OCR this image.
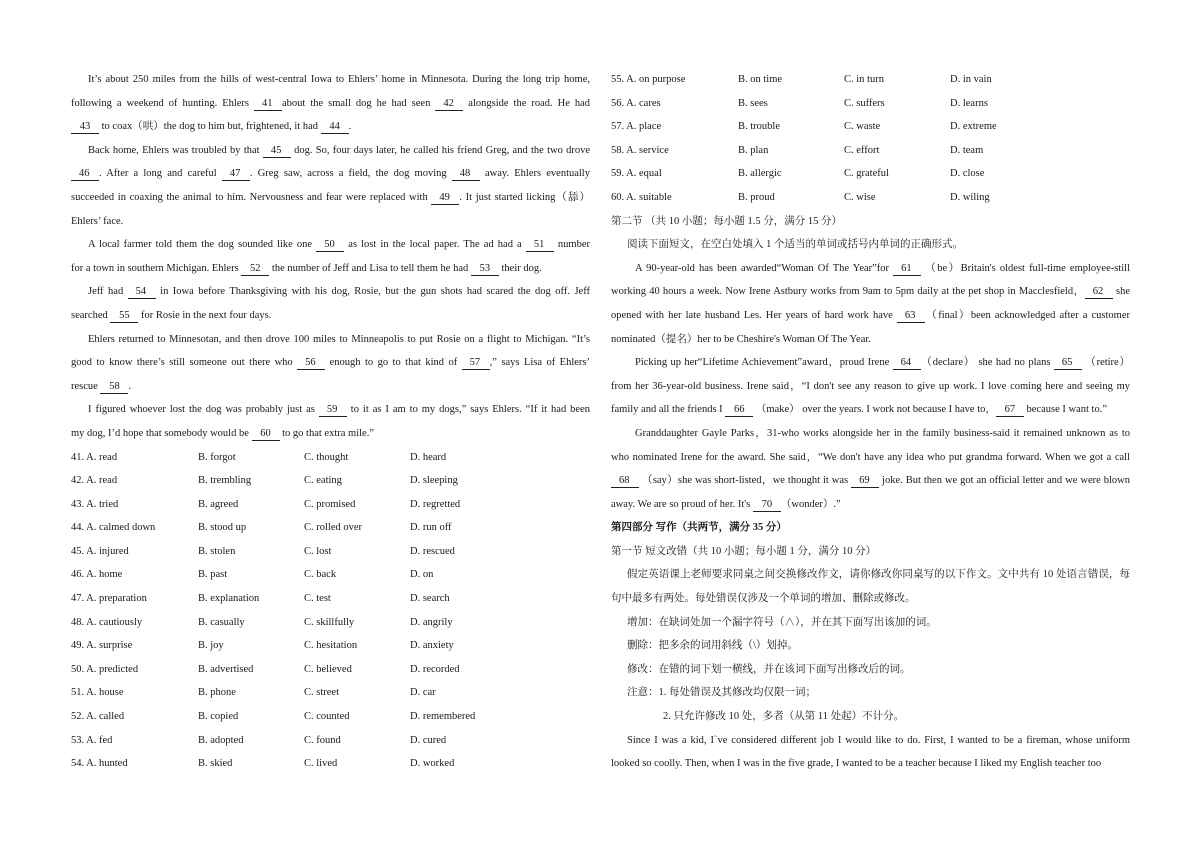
It’s about 250 miles from the hills of west-central Iowa to Ehlers’ home in Minnesota. During the long trip home,
following a weekend of hunting. Ehlers 41 about the small dog he had seen 42 alongside the road. He had
43 to coax（哄）the dog to him but, frightened, it had 44 .
Back home, Ehlers was troubled by that 45 dog. So, four days later, he called his friend Greg, and the two drove
46 . After a long and careful 47 . Greg saw, across a field, the dog moving 48 away. Ehlers eventually
succeeded in coaxing the animal to him. Nervousness and fear were replaced with 49 . It just started licking（舔）
Ehlers’ face.
A local farmer told them the dog sounded like one 50 as lost in the local paper. The ad had a 51 number
for a town in southern Michigan. Ehlers 52 the number of Jeff and Lisa to tell them he had 53 their dog.
Jeff had 54 in Iowa before Thanksgiving with his dog, Rosie, but the gun shots had scared the dog off. Jeff
searched 55 for Rosie in the next four days.
Ehlers returned to Minnesotan, and then drove 100 miles to Minneapolis to put Rosie on a flight to Michigan. “It’s
good to know there’s still someone out there who 56 enough to go to that kind of 57 ,” says Lisa of Ehlers’
rescue 58 .
I figured whoever lost the dog was probably just as 59 to it as I am to my dogs,” says Ehlers. “If it had been
my dog, I’d hope that somebody would be 60 to go that extra mile.”
41. A. read	B. forgot	C. thought	D. heard
42. A. read	B. trembling	C. eating	D. sleeping
43. A. tried	B. agreed	C. promised	D. regretted
44. A. calmed down	B. stood up	C. rolled over	D. run off
45. A. injured	B. stolen	C. lost	D. rescued
46. A. home	B. past	C. back	D. on
47. A. preparation	B. explanation	C. test	D. search
48. A. cautiously	B. casually	C. skillfully	D. angrily
49. A. surprise	B. joy	C. hesitation	D. anxiety
50. A. predicted	B. advertised	C. believed	D. recorded
51. A. house	B. phone	C. street	D. car
52. A. called	B. copied	C. counted	D. remembered
53. A. fed	B. adopted	C. found	D. cured
54. A. hunted	B. skied	C. lived	D. worked
55. A. on purpose	B. on time	C. in turn	D. in vain
56. A. cares	B. sees	C. suffers	D. learns
57. A. place	B. trouble	C. waste	D. extreme
58. A. service	B. plan	C. effort	D. team
59. A. equal	B. allergic	C. grateful	D. close
60. A. suitable	B. proud	C. wise	D. wiling
第二节 （共 10 小题；每小题 1.5 分，满分 15 分）
阅读下面短文，在空白处填入 1 个适当的单词或括号内单词的正确形式。
A 90-year-old has been awarded“Woman Of The Year”for 61 （be）Britain's oldest full-time employee-still
working 40 hours a week. Now Irene Astbury works from 9am to 5pm daily at the pet shop in Macclesfield， 62 she
opened with her late husband Les. Her years of hard work have 63 （final）been acknowledged after a customer
nominated（提名）her to be Cheshire's Woman Of The Year.
Picking up her“Lifetime Achievement”award，proud Irene 64 （declare） she had no plans 65 （retire）
from her 36-year-old business. Irene said，“I don't see any reason to give up work. I love coming here and seeing my
family and all the friends I 66 （make） over the years. I work not because I have to， 67 because I want to.”
Granddaughter Gayle Parks，31-who works alongside her in the family business-said it remained unknown as to
who nominated Irene for the award. She said，“We don't have any idea who put grandma forward. When we got a call
68 （say）she was short-listed，we thought it was 69 joke. But then we got an official letter and we were blown
away. We are so proud of her. It's 70 （wonder）.”
第四部分 写作（共两节，满分 35 分）
第一节 短文改错（共 10 小题；每小题 1 分，满分 10 分）
假定英语课上老师要求同桌之间交换修改作文，请你修改你同桌写的以下作文。文中共有 10 处语言错误，每
句中最多有两处。每处错误仅涉及一个单词的增加、删除或修改。
增加：在缺词处加一个漏字符号（∧），并在其下面写出该加的词。
删除：把多余的词用斜线（\）划掉。
修改：在错的词下划一横线，并在该词下面写出修改后的词。
注意：1. 每处错误及其修改均仅限一词；
2. 只允许修改 10 处，多者（从第 11 处起）不计分。
Since I was a kid, I`ve considered different job I would like to do. First, I wanted to be a fireman, whose uniform
looked so coolly. Then, when I was in the five grade, I wanted to be a teacher because I liked my English teacher too
